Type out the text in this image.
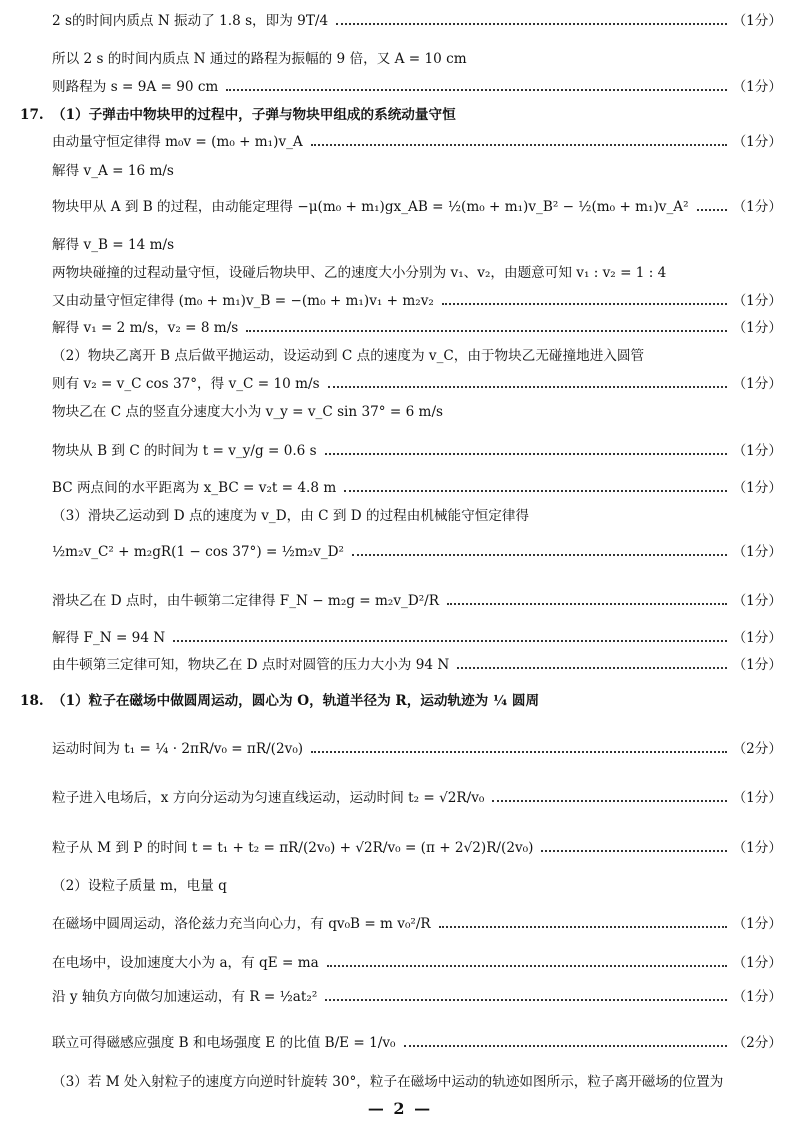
2 s的时间内质点 N 振动了 1.8 s，即为 9T/4	（1分）
所以 2 s 的时间内质点 N 通过的路程为振幅的 9 倍，又 A = 10 cm
则路程为 s = 9A = 90 cm	（1分）
17. （1）子弹击中物块甲的过程中，子弹与物块甲组成的系统动量守恒
由动量守恒定律得 m₀v = (m₀ + m₁)v_A	（1分）
解得 v_A = 16 m/s
物块甲从 A 到 B 的过程，由动能定理得 −μ(m₀ + m₁)gx_AB = ½(m₀ + m₁)v_B² − ½(m₀ + m₁)v_A²	（1分）
解得 v_B = 14 m/s
两物块碰撞的过程动量守恒，设碰后物块甲、乙的速度大小分别为 v₁、v₂，由题意可知 v₁ : v₂ = 1 : 4
又由动量守恒定律得 (m₀ + m₁)v_B = −(m₀ + m₁)v₁ + m₂v₂	（1分）
解得 v₁ = 2 m/s，v₂ = 8 m/s	（1分）
（2）物块乙离开 B 点后做平抛运动，设运动到 C 点的速度为 v_C，由于物块乙无碰撞地进入圆管
则有 v₂ = v_C cos 37°，得 v_C = 10 m/s	（1分）
物块乙在 C 点的竖直分速度大小为 v_y = v_C sin 37° = 6 m/s
物块从 B 到 C 的时间为 t = v_y/g = 0.6 s	（1分）
BC 两点间的水平距离为 x_BC = v₂t = 4.8 m	（1分）
（3）滑块乙运动到 D 点的速度为 v_D，由 C 到 D 的过程由机械能守恒定律得
½m₂v_C² + m₂gR(1 − cos 37°) = ½m₂v_D²	（1分）
滑块乙在 D 点时，由牛顿第二定律得 F_N − m₂g = m₂v_D²/R	（1分）
解得 F_N = 94 N	（1分）
由牛顿第三定律可知，物块乙在 D 点时对圆管的压力大小为 94 N	（1分）
18. （1）粒子在磁场中做圆周运动，圆心为 O，轨道半径为 R，运动轨迹为 ¼ 圆周
运动时间为 t₁ = ¼ · 2πR/v₀ = πR/(2v₀)	（2分）
粒子进入电场后，x 方向分运动为匀速直线运动，运动时间 t₂ = √2R/v₀	（1分）
粒子从 M 到 P 的时间 t = t₁ + t₂ = πR/(2v₀) + √2R/v₀ = (π + 2√2)R/(2v₀)	（1分）
（2）设粒子质量 m，电量 q
在磁场中圆周运动，洛伦兹力充当向心力，有 qv₀B = m v₀²/R	（1分）
在电场中，设加速度大小为 a，有 qE = ma	（1分）
沿 y 轴负方向做匀加速运动，有 R = ½at₂²	（1分）
联立可得磁感应强度 B 和电场强度 E 的比值 B/E = 1/v₀	（2分）
（3）若 M 处入射粒子的速度方向逆时针旋转 30°，粒子在磁场中运动的轨迹如图所示，粒子离开磁场的位置为
— 2 —
